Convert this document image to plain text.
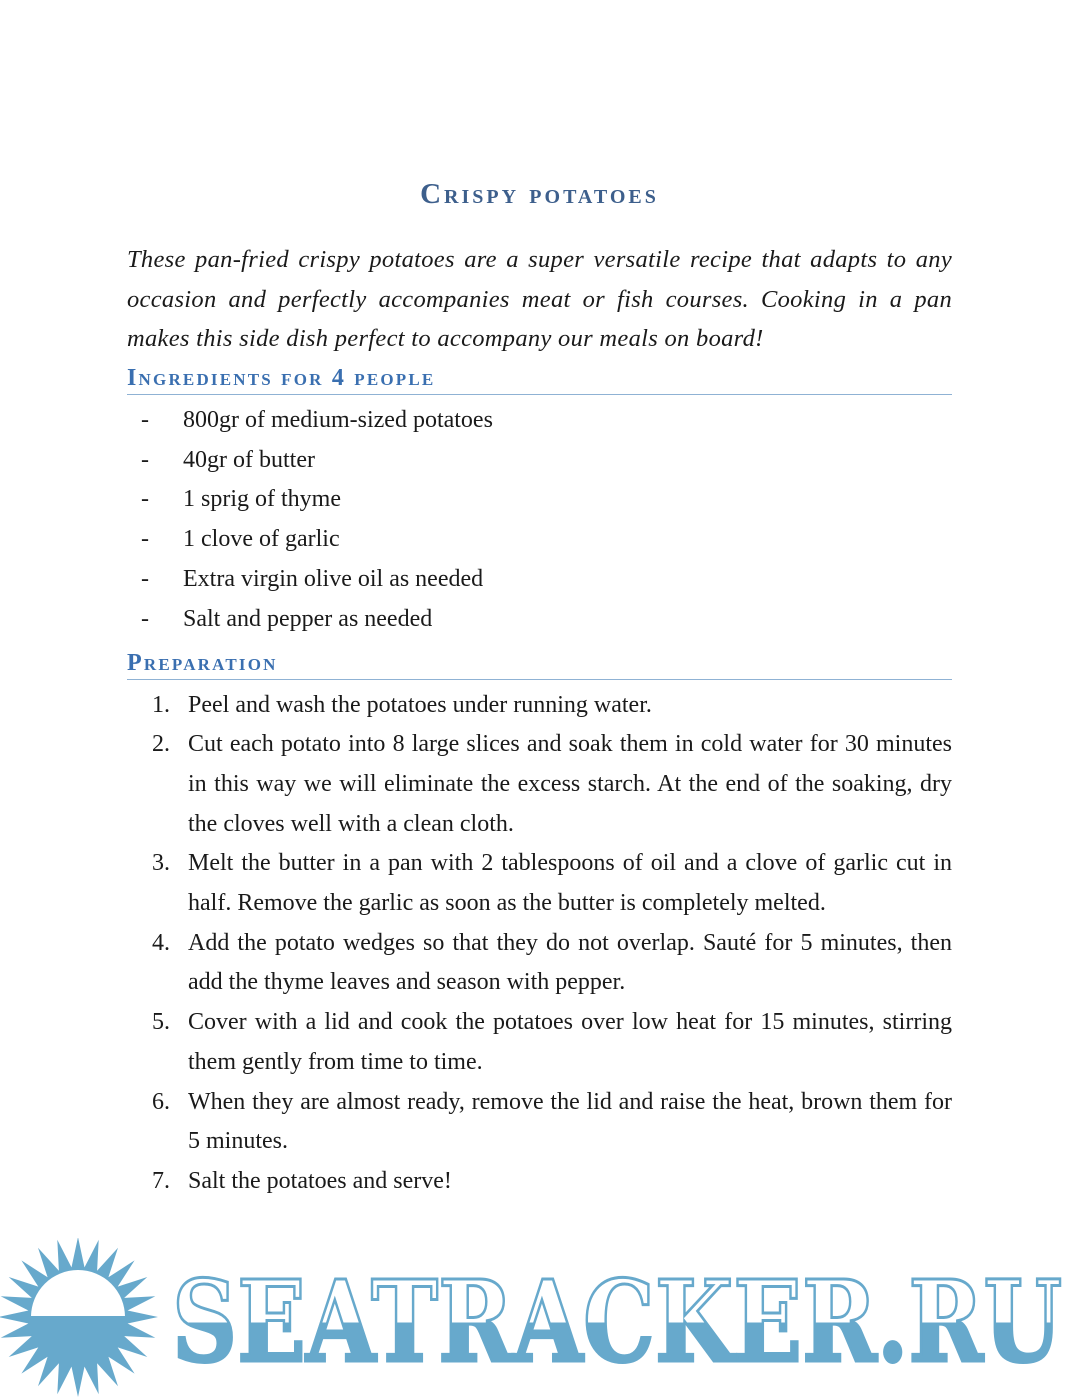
Crispy potatoes

These pan-fried crispy potatoes are a super versatile recipe that adapts to any occasion and perfectly accompanies meat or fish courses. Cooking in a pan makes this side dish perfect to accompany our meals on board!

Ingredients for 4 people
- 800gr of medium-sized potatoes
- 40gr of butter
- 1 sprig of thyme
- 1 clove of garlic
- Extra virgin olive oil as needed
- Salt and pepper as needed
Preparation
1. Peel and wash the potatoes under running water.
2. Cut each potato into 8 large slices and soak them in cold water for 30 minutes in this way we will eliminate the excess starch. At the end of the soaking, dry the cloves well with a clean cloth.
3. Melt the butter in a pan with 2 tablespoons of oil and a clove of garlic cut in half. Remove the garlic as soon as the butter is completely melted.
4. Add the potato wedges so that they do not overlap. Sauté for 5 minutes, then add the thyme leaves and season with pepper.
5. Cover with a lid and cook the potatoes over low heat for 15 minutes, stirring them gently from time to time.
6. When they are almost ready, remove the lid and raise the heat, brown them for 5 minutes.
7. Salt the potatoes and serve!
SEATRACKER.RU
